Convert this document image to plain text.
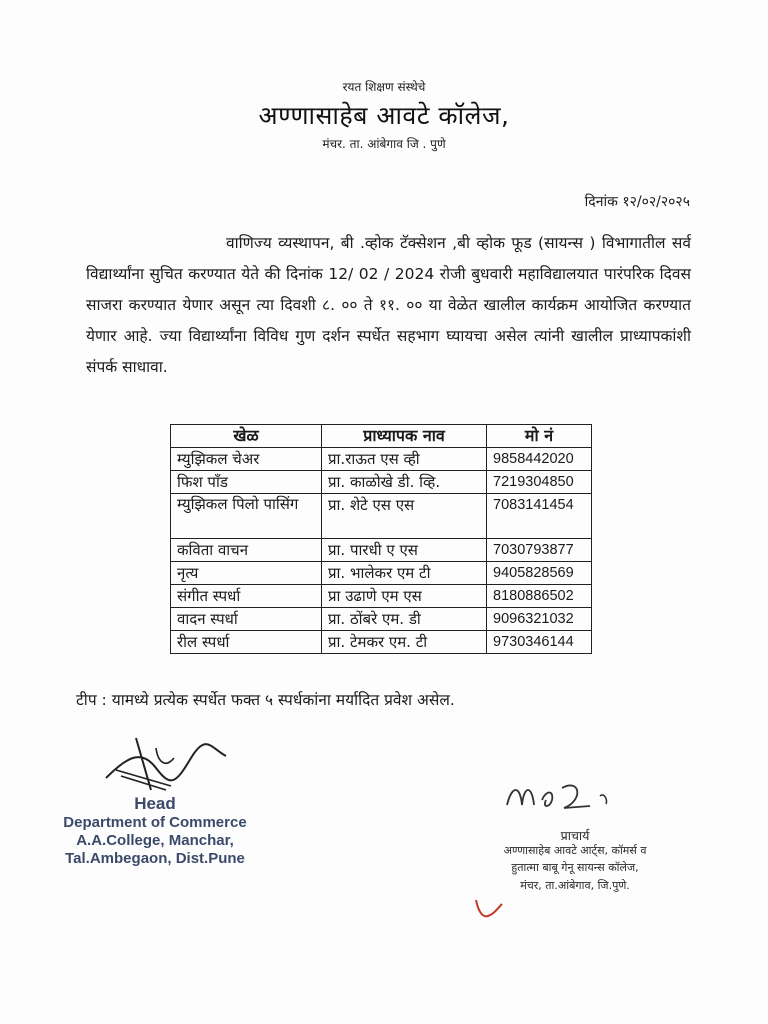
रयत शिक्षण संस्थेचे
अण्णासाहेब आवटे कॉलेज,
मंचर. ता. आंबेगाव जि . पुणे
दिनांक १२/०२/२०२५
वाणिज्य व्यस्थापन, बी .व्होक टॅक्सेशन ,बी व्होक फूड (सायन्स ) विभागातील सर्व विद्यार्थ्यांना सुचित करण्यात येते की दिनांक 12/ 02 / 2024 रोजी बुधवारी महाविद्यालयात पारंपरिक दिवस साजरा करण्यात येणार असून त्या दिवशी ८. ०० ते ११. ०० या वेळेत खालील कार्यक्रम आयोजित करण्यात येणार आहे. ज्या विद्यार्थ्यांना विविध गुण दर्शन स्पर्धेत सहभाग घ्यायचा असेल त्यांनी खालील प्राध्यापकांशी संपर्क साधावा.
खेळ	प्राध्यापक नाव	मो नं
म्युझिकल चेअर	प्रा.राऊत एस व्ही	9858442020
फिश पॉंड	प्रा. काळोखे डी. व्हि.	7219304850
म्युझिकल पिलो पासिंग	प्रा. शेटे एस एस	7083141454
कविता वाचन	प्रा. पारधी ए एस	7030793877
नृत्य	प्रा. भालेकर एम टी	9405828569
संगीत स्पर्धा	प्रा उढाणे एम एस	8180886502
वादन स्पर्धा	प्रा. ठोंबरे एम. डी	9096321032
रील स्पर्धा	प्रा. टेमकर एम. टी	9730346144
टीप : यामध्ये प्रत्येक स्पर्धेत फक्त ५ स्पर्धकांना मर्यादित प्रवेश असेल.
Head
Department of Commerce
A.A.College, Manchar,
Tal.Ambegaon, Dist.Pune
प्राचार्य
अण्णासाहेब आवटे आर्ट्स, कॉमर्स व
हुतात्मा बाबू गेनू सायन्स कॉलेज,
मंचर, ता.आंबेगाव, जि.पुणे.
